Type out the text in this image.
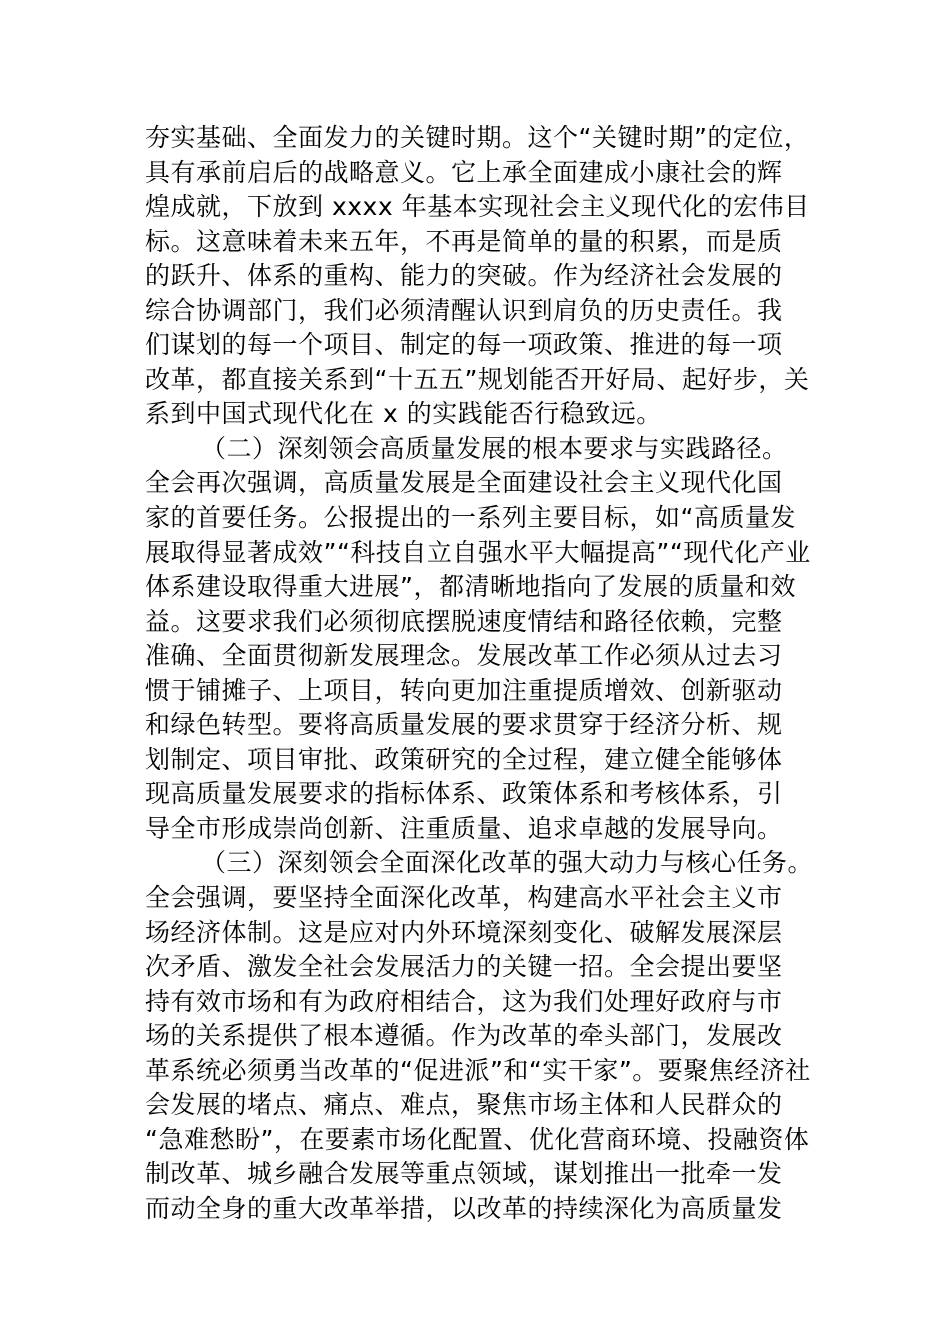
夯实基础、全面发力的关键时期。这个“关键时期”的定位，
具有承前启后的战略意义。它上承全面建成小康社会的辉
煌成就，下放到 xxxx 年基本实现社会主义现代化的宏伟目
标。这意味着未来五年，不再是简单的量的积累，而是质
的跃升、体系的重构、能力的突破。作为经济社会发展的
综合协调部门，我们必须清醒认识到肩负的历史责任。我
们谋划的每一个项目、制定的每一项政策、推进的每一项
改革，都直接关系到“十五五”规划能否开好局、起好步，关
系到中国式现代化在 x 的实践能否行稳致远。
（二）深刻领会高质量发展的根本要求与实践路径。
全会再次强调，高质量发展是全面建设社会主义现代化国
家的首要任务。公报提出的一系列主要目标，如“高质量发
展取得显著成效”“科技自立自强水平大幅提高”“现代化产业
体系建设取得重大进展”，都清晰地指向了发展的质量和效
益。这要求我们必须彻底摆脱速度情结和路径依赖，完整
准确、全面贯彻新发展理念。发展改革工作必须从过去习
惯于铺摊子、上项目，转向更加注重提质增效、创新驱动
和绿色转型。要将高质量发展的要求贯穿于经济分析、规
划制定、项目审批、政策研究的全过程，建立健全能够体
现高质量发展要求的指标体系、政策体系和考核体系，引
导全市形成崇尚创新、注重质量、追求卓越的发展导向。
（三）深刻领会全面深化改革的强大动力与核心任务。
全会强调，要坚持全面深化改革，构建高水平社会主义市
场经济体制。这是应对内外环境深刻变化、破解发展深层
次矛盾、激发全社会发展活力的关键一招。全会提出要坚
持有效市场和有为政府相结合，这为我们处理好政府与市
场的关系提供了根本遵循。作为改革的牵头部门，发展改
革系统必须勇当改革的“促进派”和“实干家”。要聚焦经济社
会发展的堵点、痛点、难点，聚焦市场主体和人民群众的
“急难愁盼”，在要素市场化配置、优化营商环境、投融资体
制改革、城乡融合发展等重点领域，谋划推出一批牵一发
而动全身的重大改革举措，以改革的持续深化为高质量发
